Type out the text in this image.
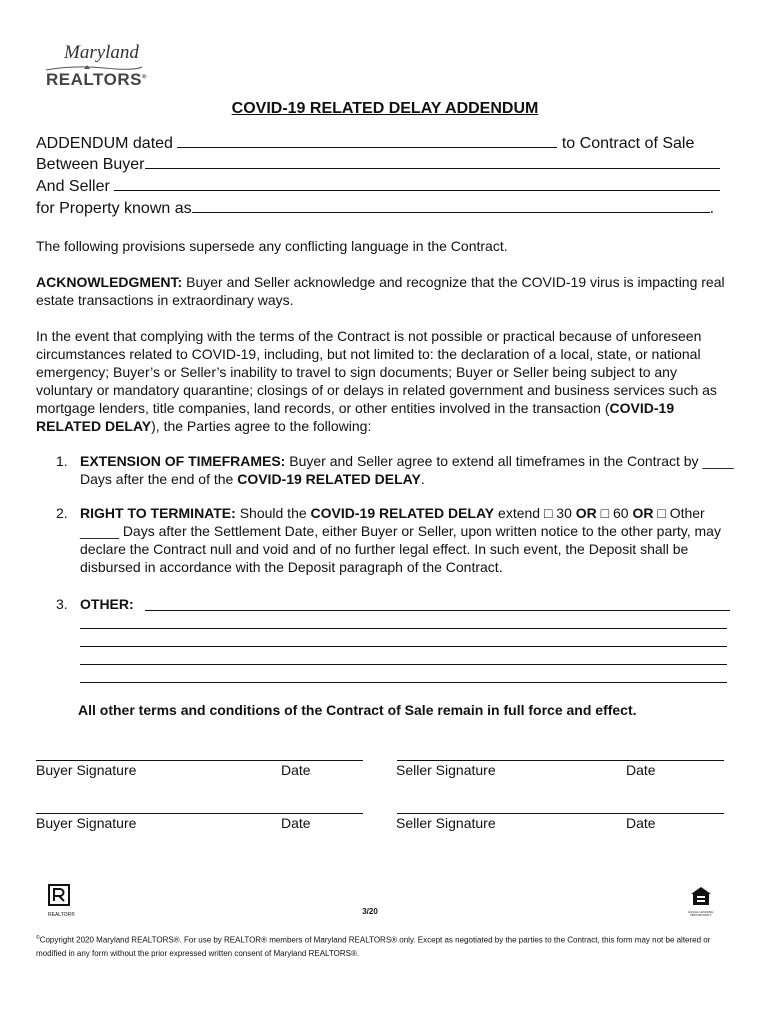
Maryland
REALTORS®
COVID-19 RELATED DELAY ADDENDUM
ADDENDUM dated	to Contract of Sale
Between Buyer
And Seller
for Property known as	.
The following provisions supersede any conflicting language in the Contract.
ACKNOWLEDGMENT: Buyer and Seller acknowledge and recognize that the COVID-19 virus is impacting real estate transactions in extraordinary ways.
In the event that complying with the terms of the Contract is not possible or practical because of unforeseen circumstances related to COVID-19, including, but not limited to: the declaration of a local, state, or national emergency; Buyer’s or Seller’s inability to travel to sign documents; Buyer or Seller being subject to any voluntary or mandatory quarantine; closings of or delays in related government and business services such as mortgage lenders, title companies, land records, or other entities involved in the transaction (COVID-19 RELATED DELAY), the Parties agree to the following:
1. EXTENSION OF TIMEFRAMES: Buyer and Seller agree to extend all timeframes in the Contract by ____ Days after the end of the COVID-19 RELATED DELAY.
2. RIGHT TO TERMINATE: Should the COVID-19 RELATED DELAY extend □ 30 OR □ 60 OR □ Other _____ Days after the Settlement Date, either Buyer or Seller, upon written notice to the other party, may declare the Contract null and void and of no further legal effect. In such event, the Deposit shall be disbursed in accordance with the Deposit paragraph of the Contract.
3. OTHER:
All other terms and conditions of the Contract of Sale remain in full force and effect.
Buyer Signature	Date	Seller Signature	Date
Buyer Signature	Date	Seller Signature	Date
REALTOR®	3/20	EQUAL HOUSING OPPORTUNITY
©Copyright 2020 Maryland REALTORS®. For use by REALTOR® members of Maryland REALTORS® only. Except as negotiated by the parties to the Contract, this form may not be altered or modified in any form without the prior expressed written consent of Maryland REALTORS®.
